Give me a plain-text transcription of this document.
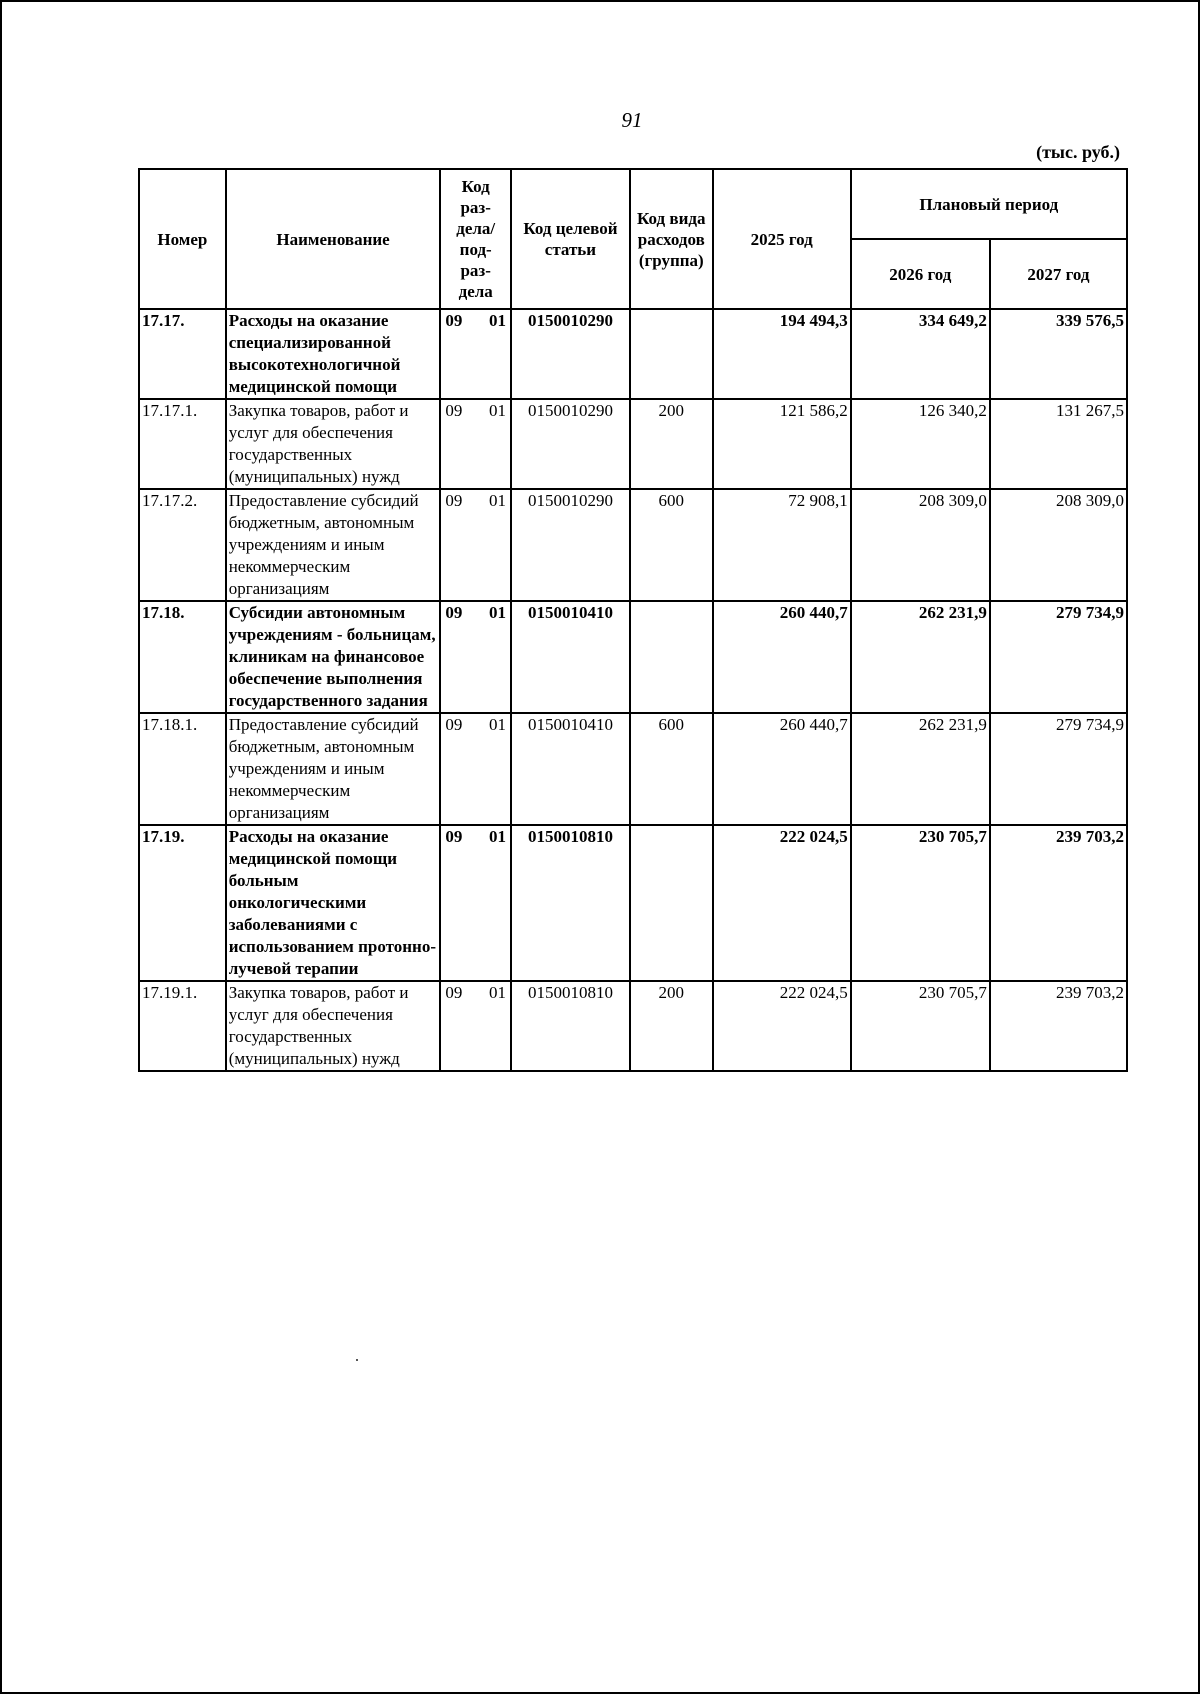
91
(тыс. руб.)
Номер	Наименование	Код раз-дела/ под-раз-дела	Код целевой статьи	Код вида расходов (группа)	2025 год	Плановый период	
						2026 год	2027 год
17.17.	Расходы на оказание специализированной высокотехнологичной медицинской помощи	09 01	0150010290		194 494,3	334 649,2	339 576,5
17.17.1.	Закупка товаров, работ и услуг для обеспечения государственных (муниципальных) нужд	09 01	0150010290	200	121 586,2	126 340,2	131 267,5
17.17.2.	Предоставление субсидий бюджетным, автономным учреждениям и иным некоммерческим организациям	09 01	0150010290	600	72 908,1	208 309,0	208 309,0
17.18.	Субсидии автономным учреждениям - больницам, клиникам на финансовое обеспечение выполнения государственного задания	09 01	0150010410		260 440,7	262 231,9	279 734,9
17.18.1.	Предоставление субсидий бюджетным, автономным учреждениям и иным некоммерческим организациям	09 01	0150010410	600	260 440,7	262 231,9	279 734,9
17.19.	Расходы на оказание медицинской помощи больным онкологическими заболеваниями с использованием протонно-лучевой терапии	09 01	0150010810		222 024,5	230 705,7	239 703,2
17.19.1.	Закупка товаров, работ и услуг для обеспечения государственных (муниципальных) нужд	09 01	0150010810	200	222 024,5	230 705,7	239 703,2
